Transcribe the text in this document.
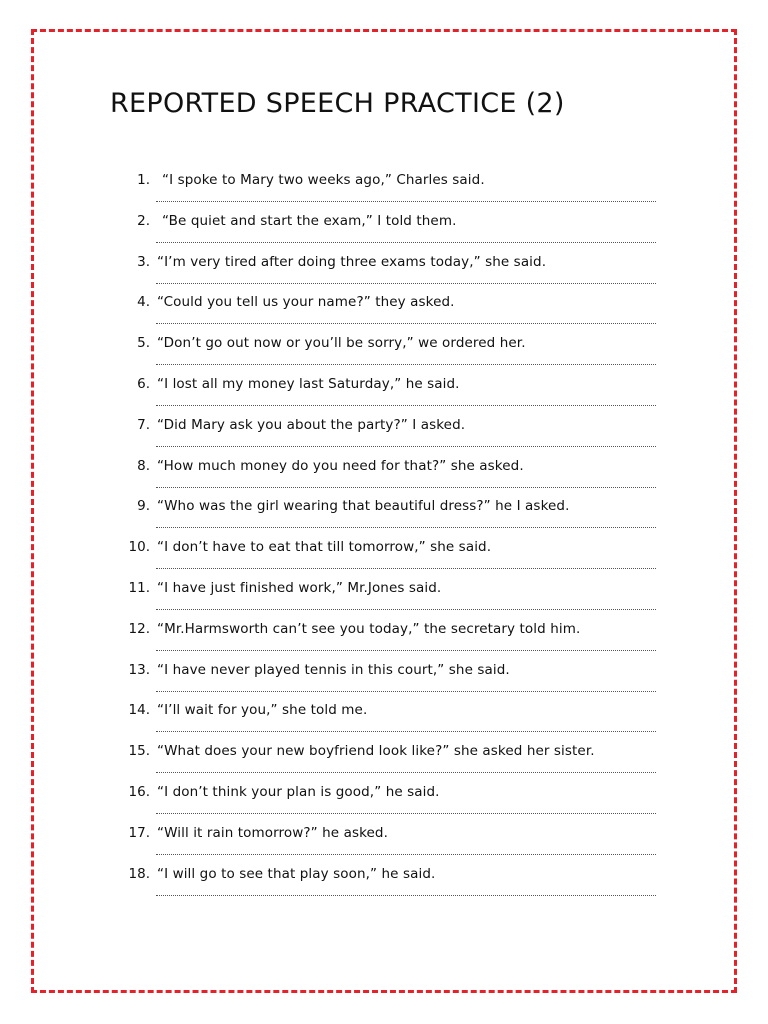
REPORTED SPEECH PRACTICE (2)
1. “I spoke to Mary two weeks ago,” Charles said.
2. “Be quiet and start the exam,” I told them.
3. “I’m very tired after doing three exams today,” she said.
4. “Could you tell us your name?” they asked.
5. “Don’t go out now or you’ll be sorry,” we ordered her.
6. “I lost all my money last Saturday,” he said.
7. “Did Mary ask you about the party?” I asked.
8. “How much money do you need for that?” she asked.
9. “Who was the girl wearing that beautiful dress?” he I asked.
10. “I don’t have to eat that till tomorrow,” she said.
11. “I have just finished work,” Mr.Jones said.
12. “Mr.Harmsworth can’t see you today,” the secretary told him.
13. “I have never played tennis in this court,” she said.
14. “I’ll wait for you,” she told me.
15. “What does your new boyfriend look like?” she asked her sister.
16. “I don’t think your plan is good,” he said.
17. “Will it rain tomorrow?” he asked.
18. “I will go to see that play soon,” he said.
